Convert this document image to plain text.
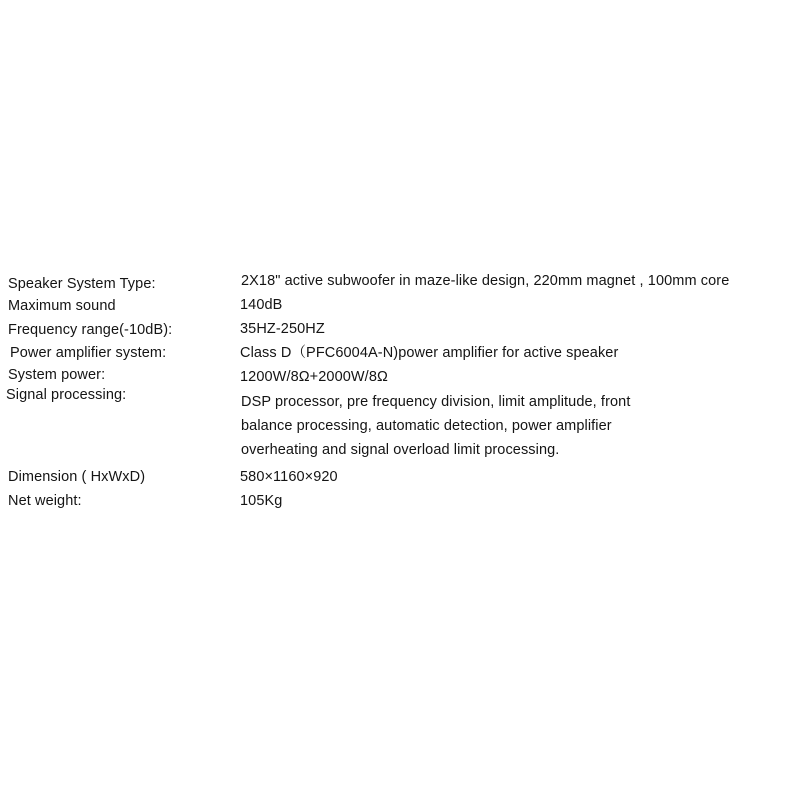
Speaker System Type:	2X18" active subwoofer in maze-like design, 220mm magnet , 100mm core
Maximum sound	140dB
Frequency range(-10dB):	35HZ-250HZ
Power amplifier system:	Class D（PFC6004A-N)power amplifier for active speaker
System power:	1200W/8Ω+2000W/8Ω
Signal processing:	DSP processor, pre frequency division, limit amplitude, front
balance processing, automatic detection, power amplifier
overheating and signal overload limit processing.
Dimension ( HxWxD)	580×1160×920
Net weight:	105Kg
